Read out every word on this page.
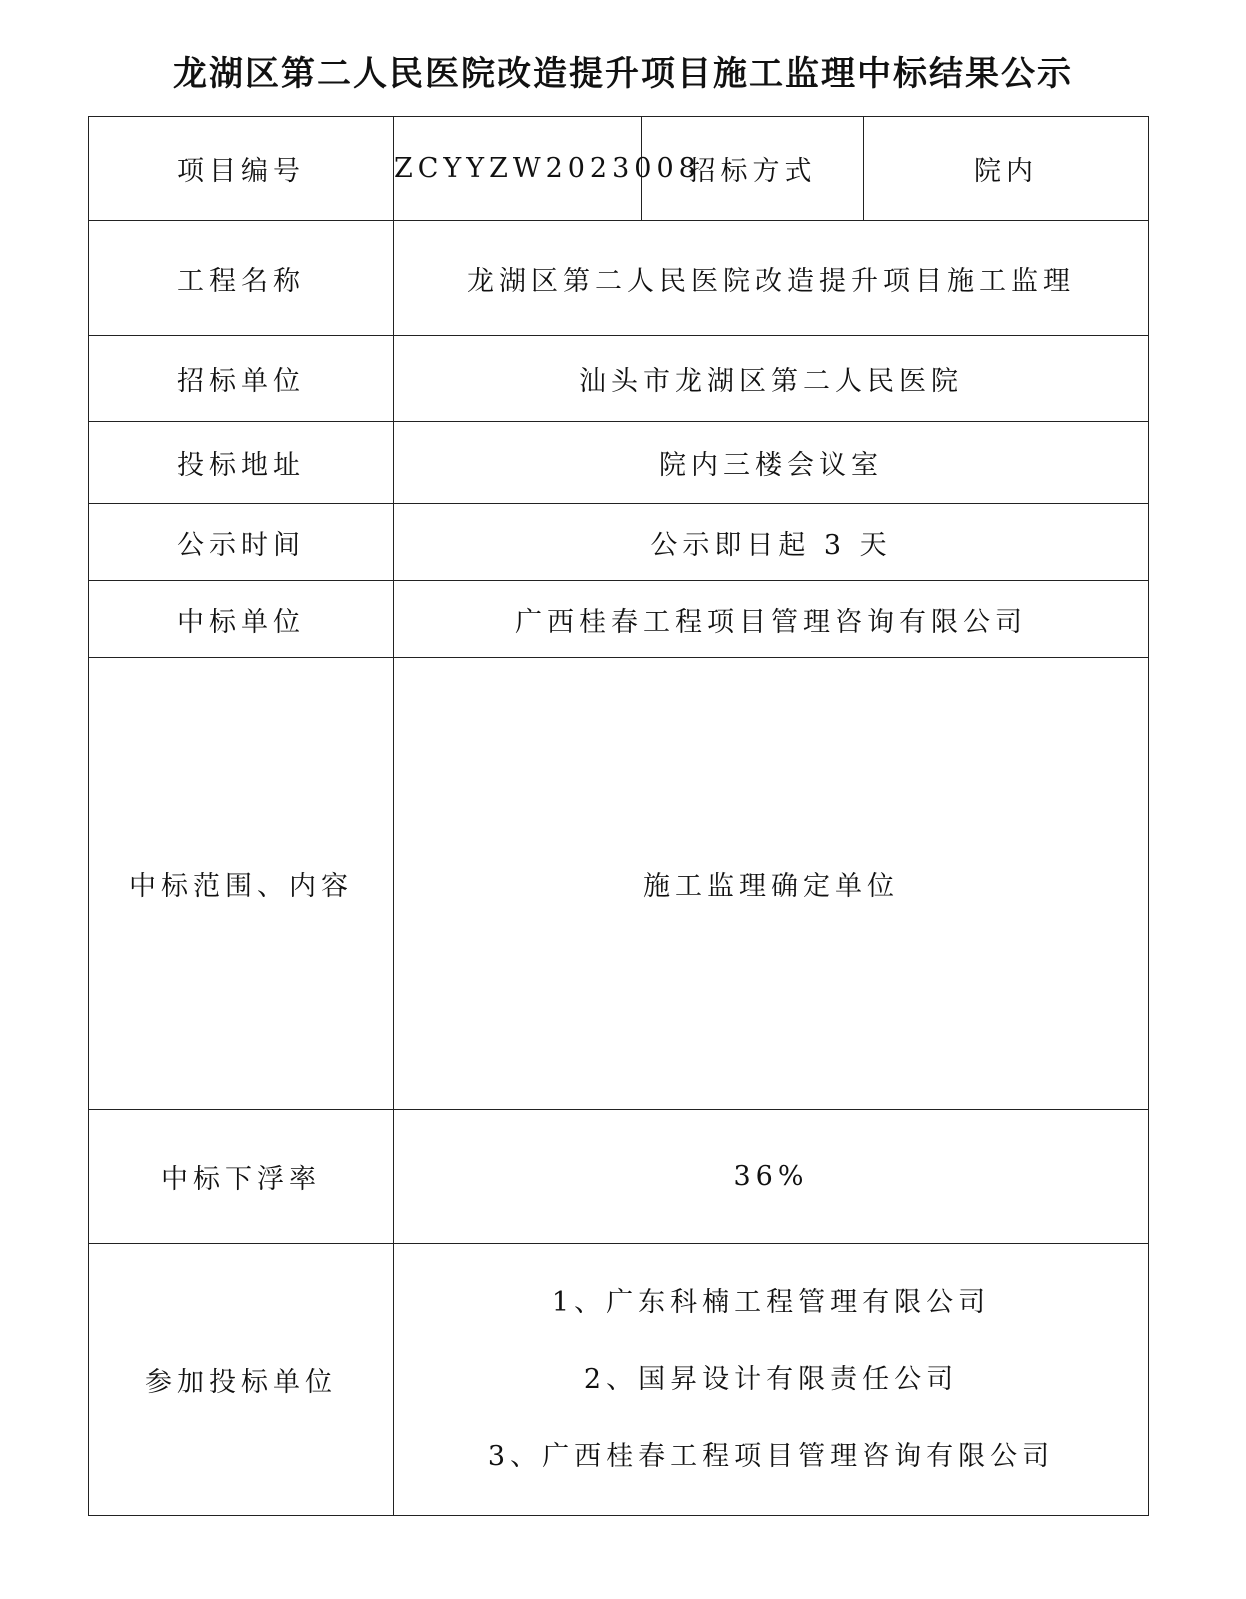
龙湖区第二人民医院改造提升项目施工监理中标结果公示
项目编号	ZCYYZW2023008	招标方式	院内
工程名称	龙湖区第二人民医院改造提升项目施工监理		
招标单位	汕头市龙湖区第二人民医院		
投标地址	院内三楼会议室		
公示时间	公示即日起 3 天		
中标单位	广西桂春工程项目管理咨询有限公司		
中标范围、内容	施工监理确定单位		
中标下浮率	36%		
参加投标单位	1、广东科楠工程管理有限公司
2、国昇设计有限责任公司
3、广西桂春工程项目管理咨询有限公司		
